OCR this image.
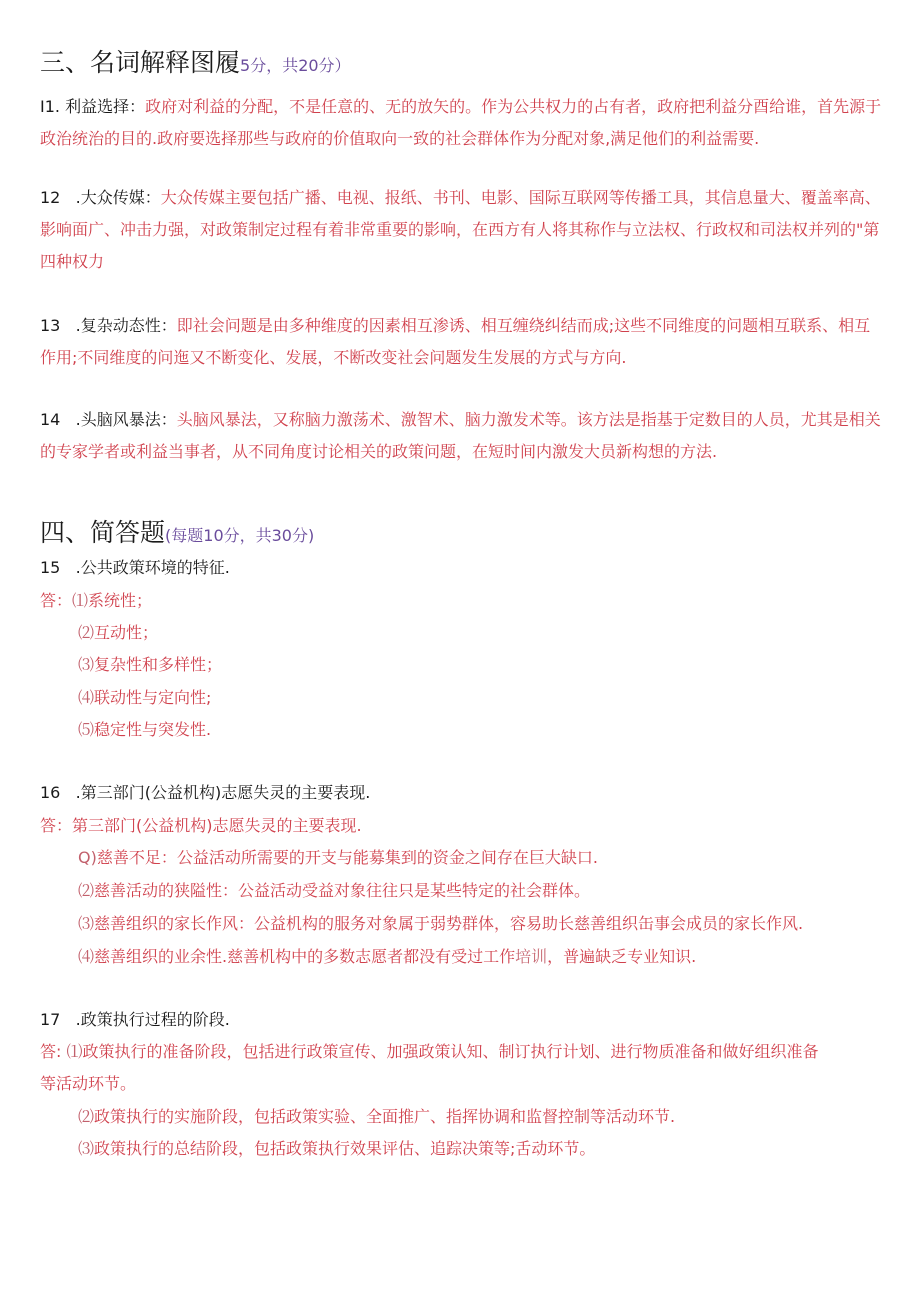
三、名词解释图履5分，共20分）
I1. 利益选择：政府对利益的分配，不是任意的、无的放矢的。作为公共权力的占有者，政府把利益分酉给谁，首先源于政治统治的目的.政府要选择那些与政府的价值取向一致的社会群体作为分配对象,满足他们的利益需要.
12 .大众传媒：大众传媒主要包括广播、电视、报纸、书刊、电影、国际互联网等传播工具，其信息量大、覆盖率高、影响面广、冲击力强，对政策制定过程有着非常重要的影响，在西方有人将其称作与立法权、行政权和司法权并列的"第四种权力
13 .复杂动态性：即社会问题是由多种维度的因素相互渗诱、相互缠绕纠结而成;这些不同维度的问题相互联系、相互作用;不同维度的问迤又不断变化、发展，不断改变社会问题发生发展的方式与方向.
14 .头脑风暴法：头脑风暴法，又称脑力激荡术、激智术、脑力激发术等。该方法是指基于定数目的人员，尤其是相关的专家学者或利益当事者，从不同角度讨论相关的政策问题，在短时间内激发大员新构想的方法.
四、简答题(每题10分，共30分)
15 .公共政策环境的特征.
答：⑴系统性；
⑵互动性；
⑶复杂性和多样性；
⑷联动性与定向性;
⑸稳定性与突发性.
16 .第三部门(公益机构)志愿失灵的主要表现.
答：第三部门(公益机构)志愿失灵的主要表现.
Q)慈善不足：公益活动所需要的开支与能募集到的资金之间存在巨大缺口.
⑵慈善活动的狭隘性：公益活动受益对象往往只是某些特定的社会群体。
⑶慈善组织的家长作风：公益机构的服务对象属于弱势群体，容易助长慈善组织缶事会成员的家长作风.
⑷慈善组织的业余性.慈善机构中的多数志愿者都没有受过工作培训，普遍缺乏专业知识.
17 .政策执行过程的阶段.
答: ⑴政策执行的准备阶段，包括进行政策宣传、加强政策认知、制订执行计划、进行物质准备和做好组织准备
等活动环节。
⑵政策执行的实施阶段，包括政策实验、全面推广、指挥协调和监督控制等活动环节.
⑶政策执行的总结阶段，包括政策执行效果评估、追踪决策等;舌动环节。
